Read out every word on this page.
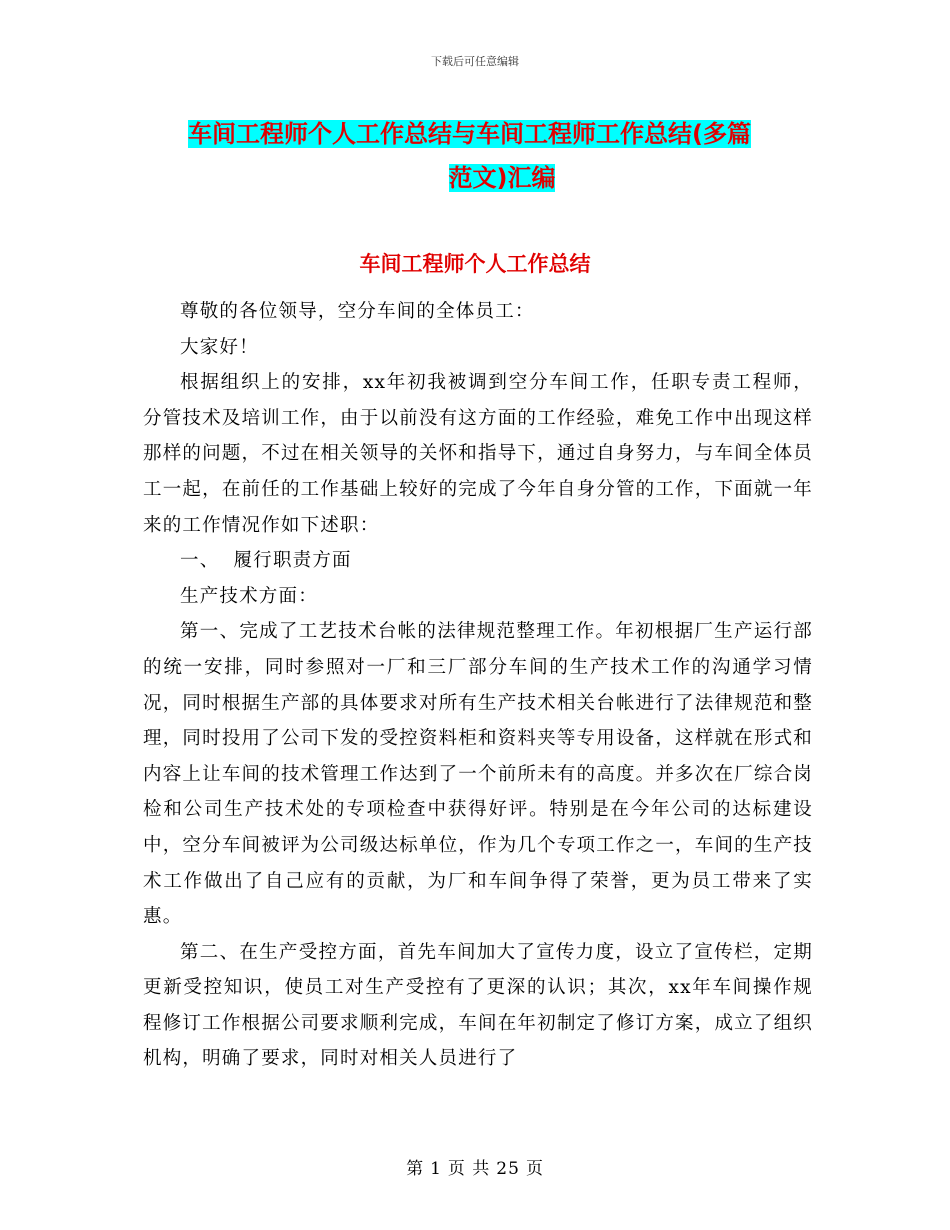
下载后可任意编辑
车间工程师个人工作总结与车间工程师工作总结(多篇
范文)汇编
车间工程师个人工作总结

尊敬的各位领导，空分车间的全体员工：

大家好！

根据组织上的安排，xx年初我被调到空分车间工作，任职专责工程师，分管技术及培训工作，由于以前没有这方面的工作经验，难免工作中出现这样那样的问题，不过在相关领导的关怀和指导下，通过自身努力，与车间全体员工一起，在前任的工作基础上较好的完成了今年自身分管的工作，下面就一年来的工作情况作如下述职：

一、  履行职责方面

生产技术方面：

第一、完成了工艺技术台帐的法律规范整理工作。年初根据厂生产运行部的统一安排，同时参照对一厂和三厂部分车间的生产技术工作的沟通学习情况，同时根据生产部的具体要求对所有生产技术相关台帐进行了法律规范和整理，同时投用了公司下发的受控资料柜和资料夹等专用设备，这样就在形式和内容上让车间的技术管理工作达到了一个前所未有的高度。并多次在厂综合岗检和公司生产技术处的专项检查中获得好评。特别是在今年公司的达标建设中，空分车间被评为公司级达标单位，作为几个专项工作之一，车间的生产技术工作做出了自己应有的贡献，为厂和车间争得了荣誉，更为员工带来了实惠。

第二、在生产受控方面，首先车间加大了宣传力度，设立了宣传栏，定期更新受控知识，使员工对生产受控有了更深的认识；其次，xx年车间操作规程修订工作根据公司要求顺利完成，车间在年初制定了修订方案，成立了组织机构，明确了要求，同时对相关人员进行了

第 1 页 共 25 页
